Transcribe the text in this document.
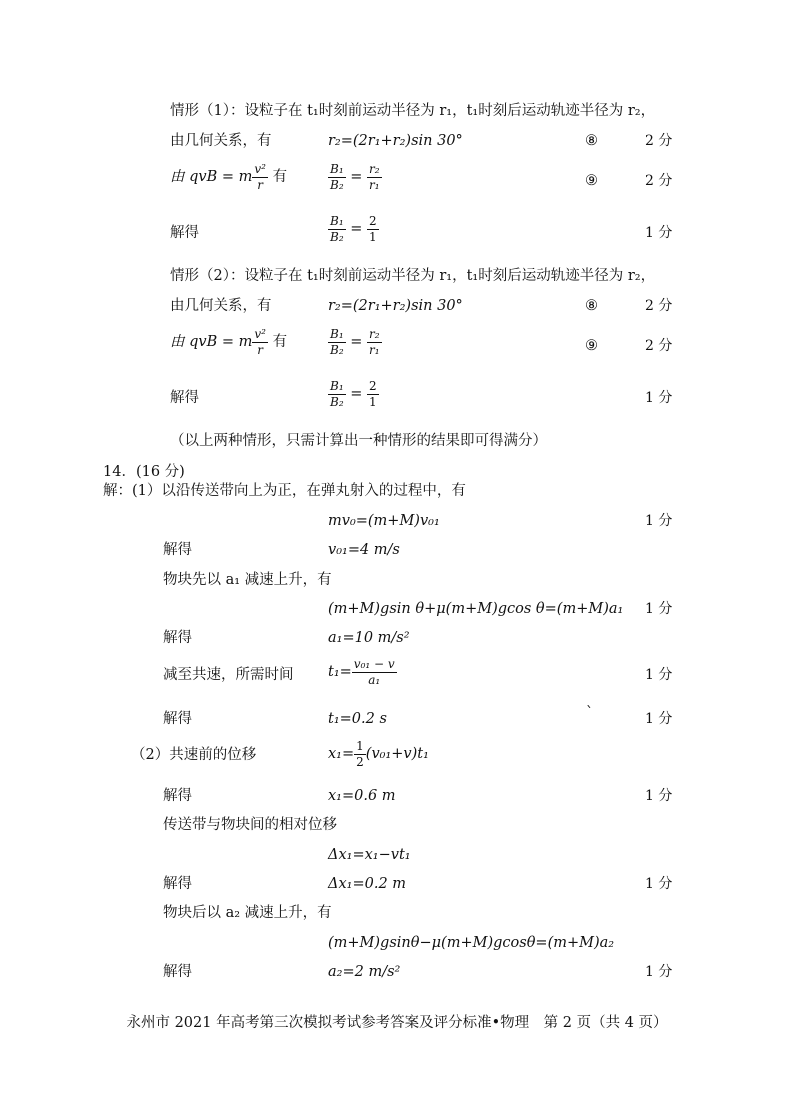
情形（1）：设粒子在 t₁时刻前运动半径为 r₁，t₁时刻后运动轨迹半径为 r₂，
由几何关系，有	r₂=(2r₁+r₂)sin 30°	⑧	2 分
由 qvB = m $\frac{\text{v²}}{r}$ 有	$\frac{\text{B₁}}{\text{B₂}} = \frac{\text{r₂}}{\text{r₁}}$	⑨	2 分
解得	$\frac{\text{B₁}}{\text{B₂}} = \frac{2}{1}$	1 分
情形（2）：设粒子在 t₁时刻前运动半径为 r₁，t₁时刻后运动轨迹半径为 r₂，
由几何关系，有	r₂=(2r₁+r₂)sin 30°	⑧	2 分
由 qvB = m $\frac{\text{v²}}{r}$ 有	$\frac{\text{B₁}}{\text{B₂}} = \frac{\text{r₂}}{\text{r₁}}$	⑨	2 分
解得	$\frac{\text{B₁}}{\text{B₂}} = \frac{2}{1}$	1 分
（以上两种情形，只需计算出一种情形的结果即可得满分）
14．(16 分)
解：(1）以沿传送带向上为正，在弹丸射入的过程中，有
mv₀=(m+M)v₀₁	1 分
解得	v₀₁=4 m/s
物块先以 a₁ 减速上升，有
(m+M)gsin θ+μ(m+M)gcos θ=(m+M)a₁ 1 分
解得	a₁=10 m/s²
减至共速，所需时间 $t_1= \frac{\text{v₀₁ − v}}{\text{a₁}}$	1 分
解得	t₁=0.2 s	`	1 分
（2）共速前的位移	$x_1= \frac{1}{2} (v_{01}+v)t_1$
解得	x₁=0.6 m	1 分
传送带与物块间的相对位移
Δx₁=x₁−vt₁
解得	Δx₁=0.2 m	1 分
物块后以 a₂ 减速上升，有
(m+M)gsinθ−μ(m+M)gcosθ=(m+M)a₂
解得	a₂=2 m/s²	1 分
永州市 2021 年高考第三次模拟考试参考答案及评分标准•物理　第 2 页（共 4 页）
